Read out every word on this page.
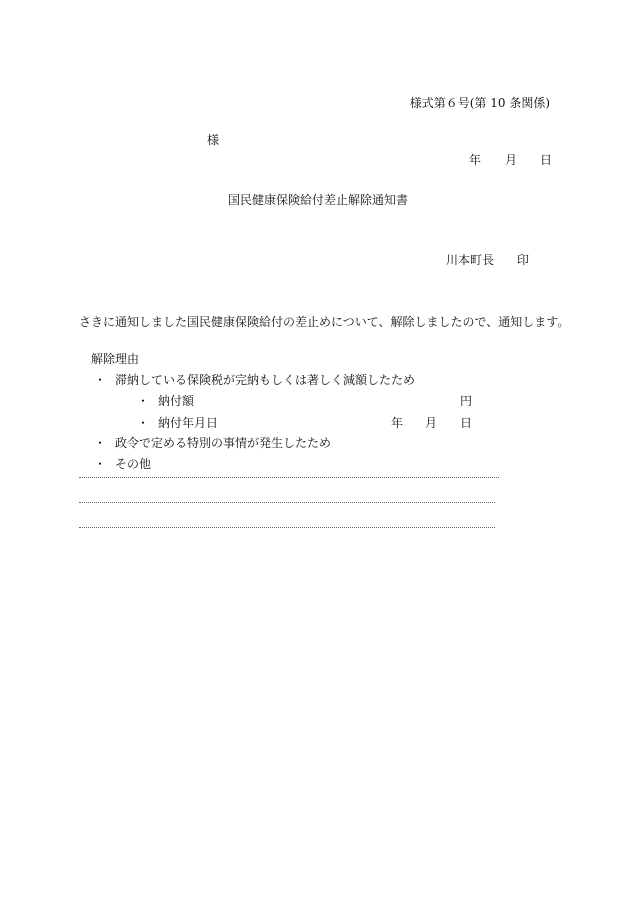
様式第６号(第 10 条関係)
様
年 月 日
国民健康保険給付差止解除通知書
川本町長 印
さきに通知しました国民健康保険給付の差止めについて、解除しましたので、通知します。
解除理由
・ 滞納している保険税が完納もしくは著しく減額したため
・ 納付額	円
・ 納付年月日	年 月 日
・ 政令で定める特別の事情が発生したため
・ その他
